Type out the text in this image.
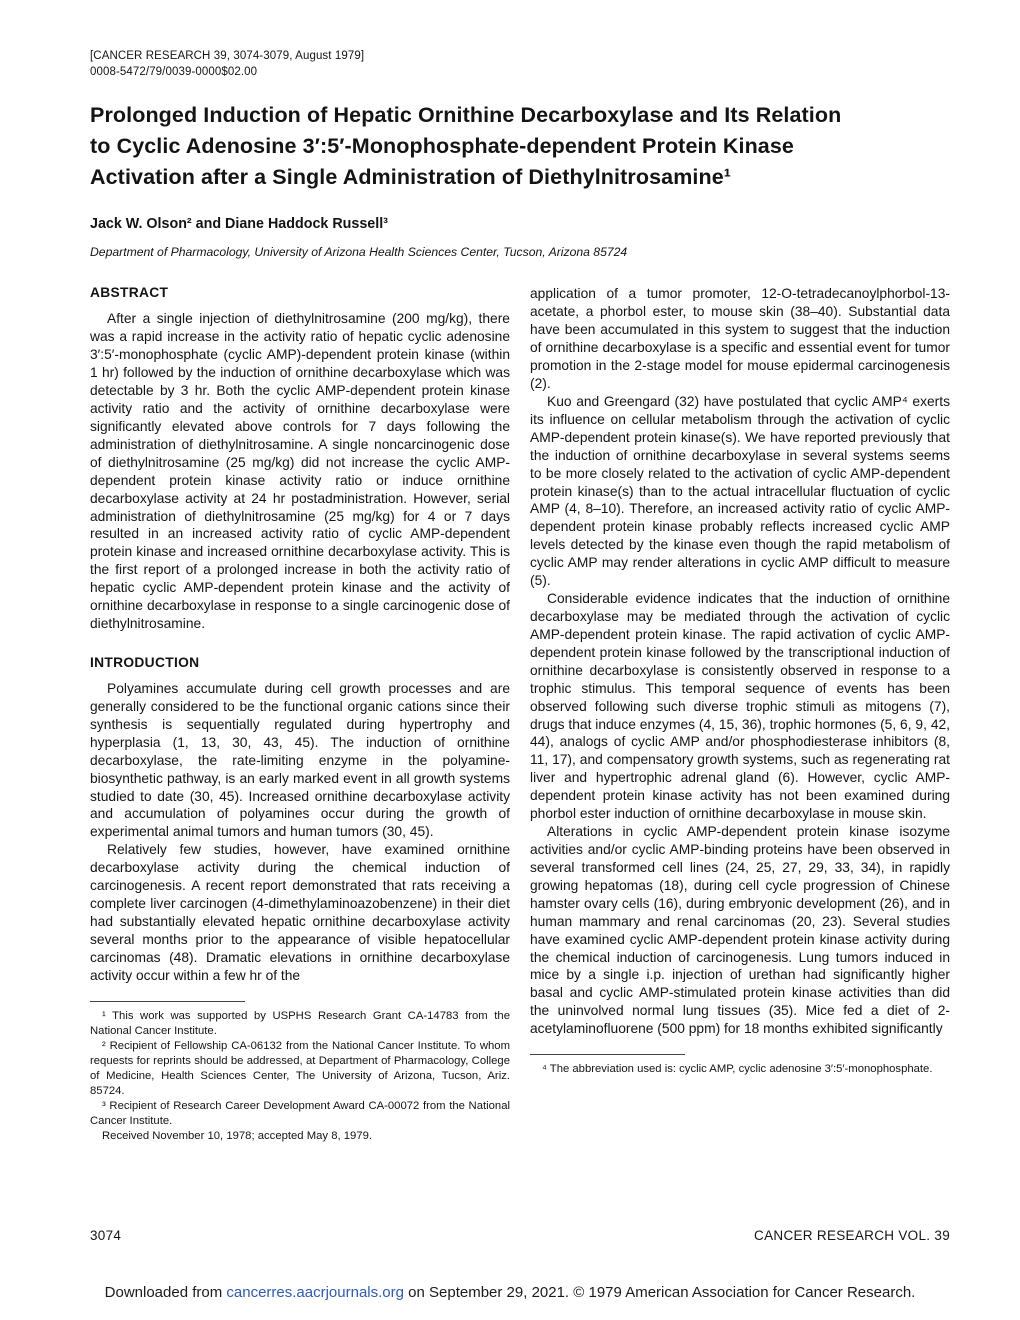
[CANCER RESEARCH 39, 3074-3079, August 1979]
0008-5472/79/0039-0000$02.00
Prolonged Induction of Hepatic Ornithine Decarboxylase and Its Relation to Cyclic Adenosine 3′:5′-Monophosphate-dependent Protein Kinase Activation after a Single Administration of Diethylnitrosamine¹
Jack W. Olson² and Diane Haddock Russell³
Department of Pharmacology, University of Arizona Health Sciences Center, Tucson, Arizona 85724
ABSTRACT

After a single injection of diethylnitrosamine (200 mg/kg), there was a rapid increase in the activity ratio of hepatic cyclic adenosine 3′:5′-monophosphate (cyclic AMP)-dependent protein kinase (within 1 hr) followed by the induction of ornithine decarboxylase which was detectable by 3 hr. Both the cyclic AMP-dependent protein kinase activity ratio and the activity of ornithine decarboxylase were significantly elevated above controls for 7 days following the administration of diethylnitrosamine. A single noncarcinogenic dose of diethylnitrosamine (25 mg/kg) did not increase the cyclic AMP-dependent protein kinase activity ratio or induce ornithine decarboxylase activity at 24 hr postadministration. However, serial administration of diethylnitrosamine (25 mg/kg) for 4 or 7 days resulted in an increased activity ratio of cyclic AMP-dependent protein kinase and increased ornithine decarboxylase activity. This is the first report of a prolonged increase in both the activity ratio of hepatic cyclic AMP-dependent protein kinase and the activity of ornithine decarboxylase in response to a single carcinogenic dose of diethylnitrosamine.

INTRODUCTION

Polyamines accumulate during cell growth processes and are generally considered to be the functional organic cations since their synthesis is sequentially regulated during hypertrophy and hyperplasia (1, 13, 30, 43, 45). The induction of ornithine decarboxylase, the rate-limiting enzyme in the polyamine-biosynthetic pathway, is an early marked event in all growth systems studied to date (30, 45). Increased ornithine decarboxylase activity and accumulation of polyamines occur during the growth of experimental animal tumors and human tumors (30, 45).

Relatively few studies, however, have examined ornithine decarboxylase activity during the chemical induction of carcinogenesis. A recent report demonstrated that rats receiving a complete liver carcinogen (4-dimethylaminoazobenzene) in their diet had substantially elevated hepatic ornithine decarboxylase activity several months prior to the appearance of visible hepatocellular carcinomas (48). Dramatic elevations in ornithine decarboxylase activity occur within a few hr of the

¹ This work was supported by USPHS Research Grant CA-14783 from the National Cancer Institute.

² Recipient of Fellowship CA-06132 from the National Cancer Institute. To whom requests for reprints should be addressed, at Department of Pharmacology, College of Medicine, Health Sciences Center, The University of Arizona, Tucson, Ariz. 85724.

³ Recipient of Research Career Development Award CA-00072 from the National Cancer Institute.

Received November 10, 1978; accepted May 8, 1979.

application of a tumor promoter, 12-O-tetradecanoylphorbol-13-acetate, a phorbol ester, to mouse skin (38–40). Substantial data have been accumulated in this system to suggest that the induction of ornithine decarboxylase is a specific and essential event for tumor promotion in the 2-stage model for mouse epidermal carcinogenesis (2).

Kuo and Greengard (32) have postulated that cyclic AMP⁴ exerts its influence on cellular metabolism through the activation of cyclic AMP-dependent protein kinase(s). We have reported previously that the induction of ornithine decarboxylase in several systems seems to be more closely related to the activation of cyclic AMP-dependent protein kinase(s) than to the actual intracellular fluctuation of cyclic AMP (4, 8–10). Therefore, an increased activity ratio of cyclic AMP-dependent protein kinase probably reflects increased cyclic AMP levels detected by the kinase even though the rapid metabolism of cyclic AMP may render alterations in cyclic AMP difficult to measure (5).

Considerable evidence indicates that the induction of ornithine decarboxylase may be mediated through the activation of cyclic AMP-dependent protein kinase. The rapid activation of cyclic AMP-dependent protein kinase followed by the transcriptional induction of ornithine decarboxylase is consistently observed in response to a trophic stimulus. This temporal sequence of events has been observed following such diverse trophic stimuli as mitogens (7), drugs that induce enzymes (4, 15, 36), trophic hormones (5, 6, 9, 42, 44), analogs of cyclic AMP and/or phosphodiesterase inhibitors (8, 11, 17), and compensatory growth systems, such as regenerating rat liver and hypertrophic adrenal gland (6). However, cyclic AMP-dependent protein kinase activity has not been examined during phorbol ester induction of ornithine decarboxylase in mouse skin.

Alterations in cyclic AMP-dependent protein kinase isozyme activities and/or cyclic AMP-binding proteins have been observed in several transformed cell lines (24, 25, 27, 29, 33, 34), in rapidly growing hepatomas (18), during cell cycle progression of Chinese hamster ovary cells (16), during embryonic development (26), and in human mammary and renal carcinomas (20, 23). Several studies have examined cyclic AMP-dependent protein kinase activity during the chemical induction of carcinogenesis. Lung tumors induced in mice by a single i.p. injection of urethan had significantly higher basal and cyclic AMP-stimulated protein kinase activities than did the uninvolved normal lung tissues (35). Mice fed a diet of 2-acetylaminofluorene (500 ppm) for 18 months exhibited significantly

⁴ The abbreviation used is: cyclic AMP, cyclic adenosine 3′:5′-monophosphate.

3074	CANCER RESEARCH VOL. 39
Downloaded from cancerres.aacrjournals.org on September 29, 2021. © 1979 American Association for Cancer Research.
